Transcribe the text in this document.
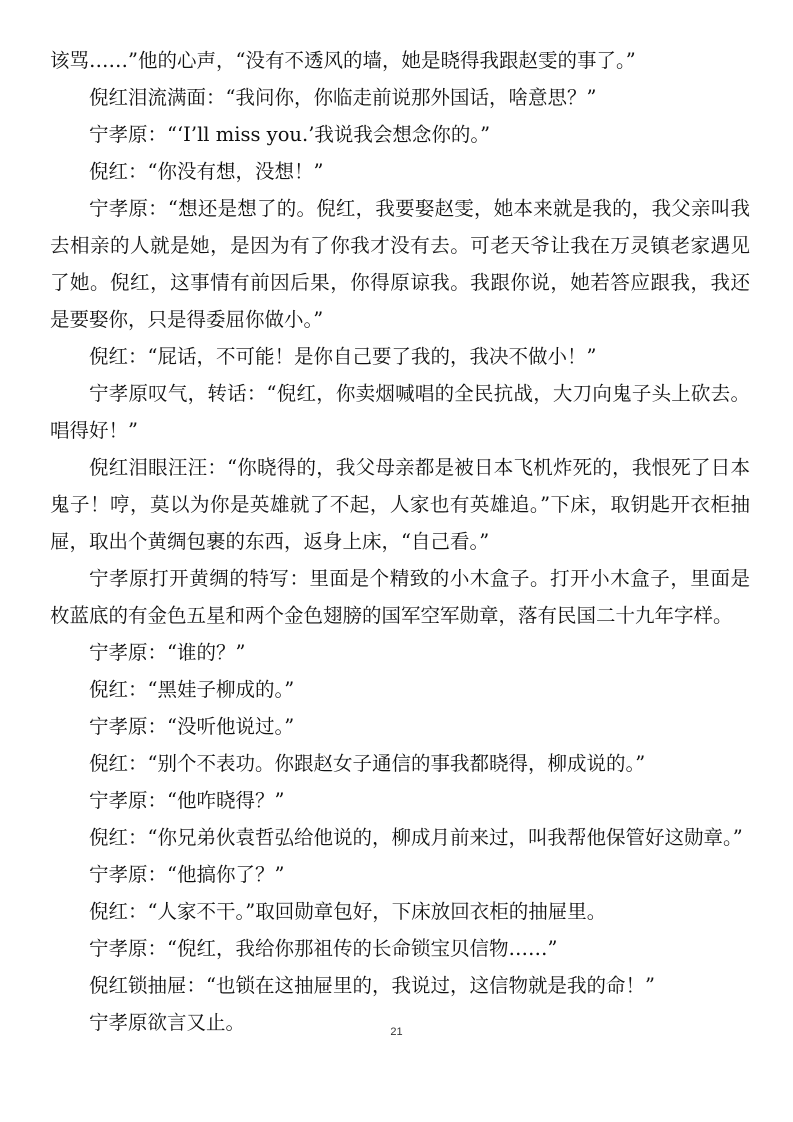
该骂……”他的心声，“没有不透风的墙，她是晓得我跟赵雯的事了。”

倪红泪流满面：“我问你，你临走前说那外国话，啥意思？”

宁孝原：“‘I’ll miss you.’我说我会想念你的。”

倪红：“你没有想，没想！”

宁孝原：“想还是想了的。倪红，我要娶赵雯，她本来就是我的，我父亲叫我去相亲的人就是她，是因为有了你我才没有去。可老天爷让我在万灵镇老家遇见了她。倪红，这事情有前因后果，你得原谅我。我跟你说，她若答应跟我，我还是要娶你，只是得委屈你做小。”

倪红：“屁话，不可能！是你自己要了我的，我决不做小！”

宁孝原叹气，转话：“倪红，你卖烟喊唱的全民抗战，大刀向鬼子头上砍去。唱得好！”

倪红泪眼汪汪：“你晓得的，我父母亲都是被日本飞机炸死的，我恨死了日本鬼子！哼，莫以为你是英雄就了不起，人家也有英雄追。”下床，取钥匙开衣柜抽屉，取出个黄绸包裹的东西，返身上床，“自己看。”

宁孝原打开黄绸的特写：里面是个精致的小木盒子。打开小木盒子，里面是枚蓝底的有金色五星和两个金色翅膀的国军空军勋章，落有民国二十九年字样。

宁孝原：“谁的？”

倪红：“黑娃子柳成的。”

宁孝原：“没听他说过。”

倪红：“别个不表功。你跟赵女子通信的事我都晓得，柳成说的。”

宁孝原：“他咋晓得？”

倪红：“你兄弟伙袁哲弘给他说的，柳成月前来过，叫我帮他保管好这勋章。”

宁孝原：“他搞你了？”

倪红：“人家不干。”取回勋章包好，下床放回衣柜的抽屉里。

宁孝原：“倪红，我给你那祖传的长命锁宝贝信物……”

倪红锁抽屉：“也锁在这抽屉里的，我说过，这信物就是我的命！”

宁孝原欲言又止。	21
